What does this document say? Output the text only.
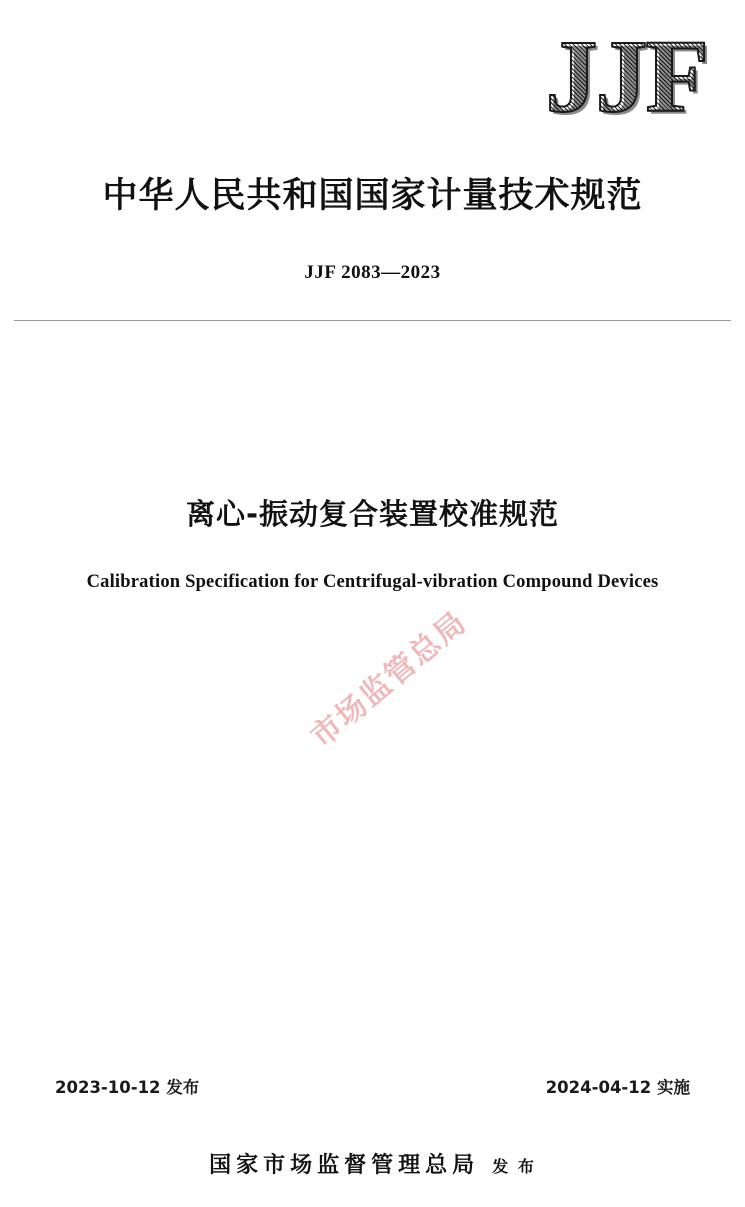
JJF
中华人民共和国国家计量技术规范
JJF 2083—2023
离心-振动复合装置校准规范
Calibration Specification for Centrifugal-vibration Compound Devices
市场监管总局
2023-10-12 发布	2024-04-12 实施
国家市场监督管理总局 发 布
